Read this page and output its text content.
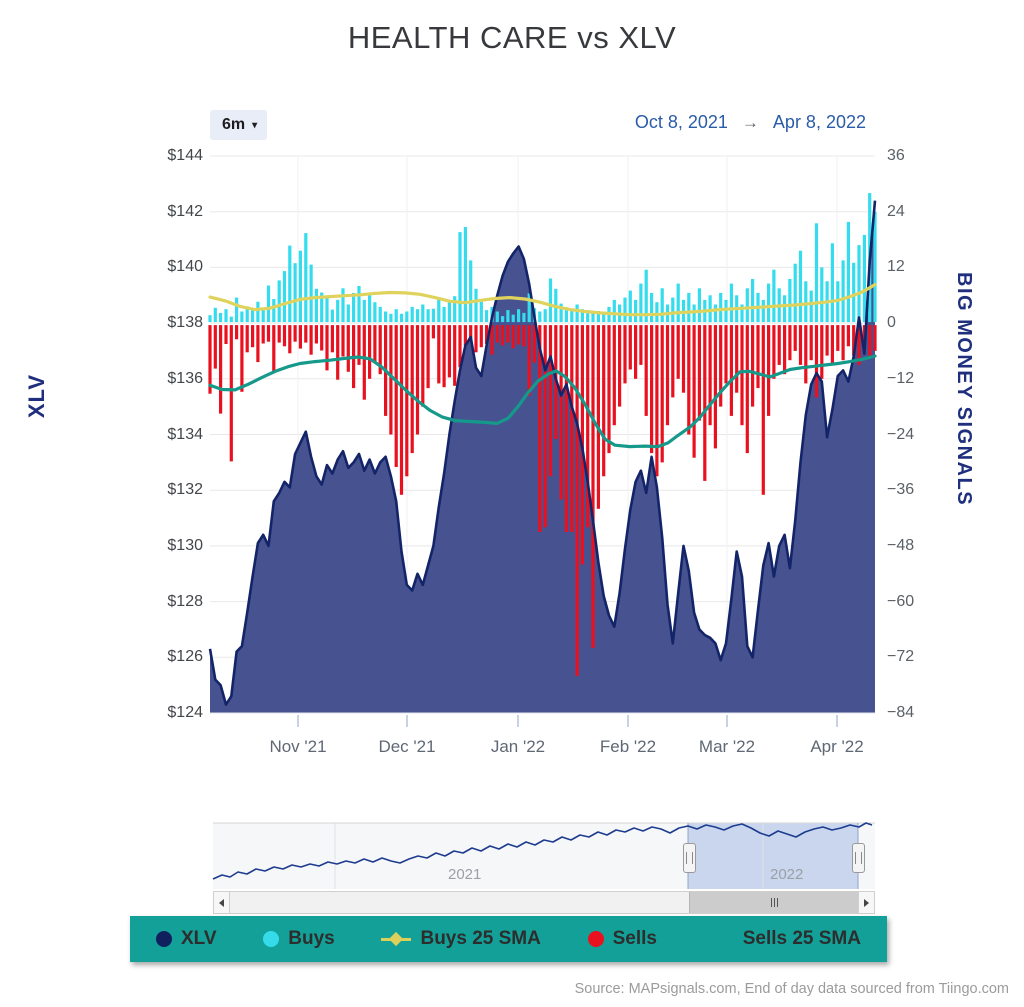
HEALTH CARE vs XLV
6m ▾	Oct 8, 2021 → Apr 8, 2022
$144
$142
$140
$138
$136
$134
$132
$130
$128
$126
$124
36
24
12
0
−12
−24
−36
−48
−60
−72
−84
Nov '21	Dec '21	Jan '22	Feb '22	Mar '22	Apr '22
XLV	BIG MONEY SIGNALS
2021	2022
XLV	Buys	Buys 25 SMA	Sells	Sells 25 SMA
Source: MAPsignals.com, End of day data sourced from Tiingo.com
